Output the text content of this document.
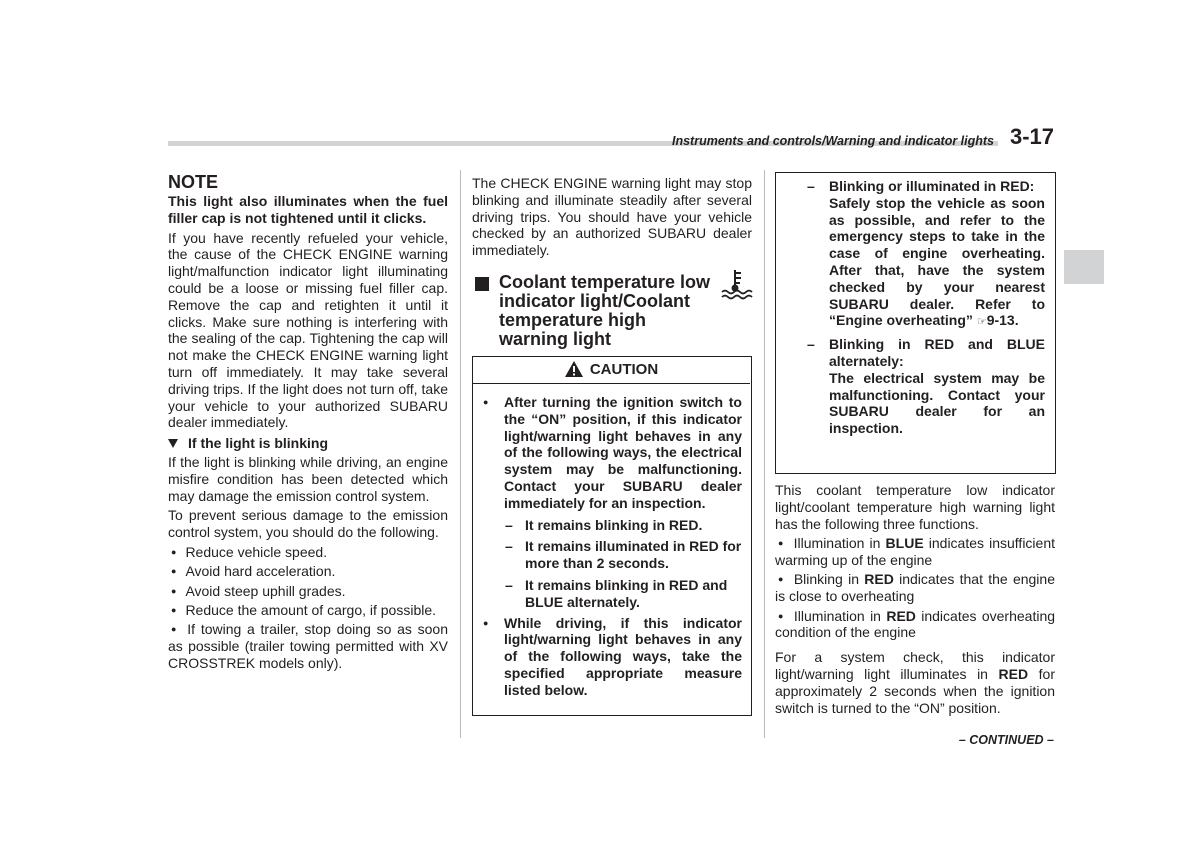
Instruments and controls/Warning and indicator lights 3-17
NOTE

This light also illuminates when the fuel filler cap is not tightened until it clicks.

If you have recently refueled your vehicle, the cause of the CHECK ENGINE warning light/malfunction indicator light illuminating could be a loose or missing fuel filler cap. Remove the cap and retighten it until it clicks. Make sure nothing is interfering with the sealing of the cap. Tightening the cap will not make the CHECK ENGINE warning light turn off immediately. It may take several driving trips. If the light does not turn off, take your vehicle to your authorized SUBARU dealer immediately.

If the light is blinking

If the light is blinking while driving, an engine misfire condition has been detected which may damage the emission control system.

To prevent serious damage to the emission control system, you should do the following.

● Reduce vehicle speed.
● Avoid hard acceleration.
● Avoid steep uphill grades.
● Reduce the amount of cargo, if possible.
● If towing a trailer, stop doing so as soon as possible (trailer towing permitted with XV CROSSTREK models only).

The CHECK ENGINE warning light may stop blinking and illuminate steadily after several driving trips. You should have your vehicle checked by an authorized SUBARU dealer immediately.

Coolant temperature low indicator light/Coolant temperature high warning light
CAUTION
● After turning the ignition switch to the “ON” position, if this indicator light/warning light behaves in any of the following ways, the electrical system may be malfunctioning. Contact your SUBARU dealer immediately for an inspection.
– It remains blinking in RED.
– It remains illuminated in RED for more than 2 seconds.
– It remains blinking in RED and BLUE alternately.
● While driving, if this indicator light/warning light behaves in any of the following ways, take the specified appropriate measure listed below.
– Blinking or illuminated in RED:
Safely stop the vehicle as soon as possible, and refer to the emergency steps to take in the case of engine overheating. After that, have the system checked by your nearest SUBARU dealer. Refer to “Engine overheating” ☞9-13.
– Blinking in RED and BLUE alternately:
The electrical system may be malfunctioning. Contact your SUBARU dealer for an inspection.

This coolant temperature low indicator light/coolant temperature high warning light has the following three functions.

● Illumination in BLUE indicates insufficient warming up of the engine
● Blinking in RED indicates that the engine is close to overheating
● Illumination in RED indicates overheating condition of the engine

For a system check, this indicator light/warning light illuminates in RED for approximately 2 seconds when the ignition switch is turned to the “ON” position.

– CONTINUED –
